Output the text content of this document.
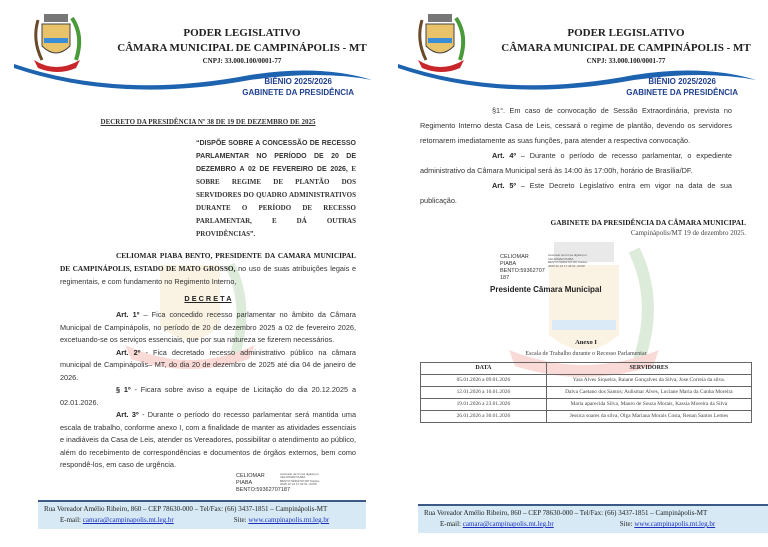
PODER LEGISLATIVO
CÂMARA MUNICIPAL DE CAMPINÁPOLIS - MT
CNPJ: 33.000.100/0001-77
BIÊNIO 2025/2026
GABINETE DA PRESIDÊNCIA
DECRETO DA PRESIDÊNCIA Nº 38 DE 19 DE DEZEMBRO DE 2025
“DISPÕE SOBRE A CONCESSÃO DE RECESSO PARLAMENTAR NO PERÍODO DE 20 DE DEZEMBRO A 02 DE FEVEREIRO DE 2026, E SOBRE REGIME DE PLANTÃO DOS SERVIDORES DO QUADRO ADMINISTRATIVOS DURANTE O PERÍODO DE RECESSO PARLAMENTAR, E DÁ OUTRAS PROVIDÊNCIAS”.
CELIOMAR PIABA BENTO, PRESIDENTE DA CAMARA MUNICIPAL DE CAMPINÁPOLIS, ESTADO DE MATO GROSSO, no uso de suas atribuições legais e regimentais, e com fundamento no Regimento Interno,
D E C R E T A
Art. 1º – Fica concedido recesso parlamentar no âmbito da Câmara Municipal de Campinápolis, no período de 20 de dezembro 2025 a 02 de fevereiro 2026, excetuando-se os serviços essenciais, que por sua natureza se fizerem necessários.
Art. 2º - Fica decretado recesso administrativo público na câmara municipal de Campinápolis– MT, do dia 20 de dezembro de 2025 até dia 04 de janeiro de 2026.
§ 1º - Ficara sobre aviso a equipe de Licitação do dia 20.12.2025 a 02.01.2026.
Art. 3º - Durante o período do recesso parlamentar será mantida uma escala de trabalho, conforme anexo I, com a finalidade de manter as atividades essenciais e inadiáveis da Casa de Leis, atender os Vereadores, possibilitar o atendimento ao público, além do recebimento de correspondências e documentos de órgãos externos, bem como respondê-los, em caso de urgência.
CELIOMAR PIABA BENTO:59362707187
Assinado de forma digital por CELIOMAR PIABA BENTO:59362707187 Dados: 2025.12.19 17:42:51 -03'00'
Rua Vereador Amélio Ribeiro, 860 – CEP 78630-000 – Tel/Fax: (66) 3437-1851 – Campinápolis-MT
E-mail: camara@campinapolis.mt.leg.br	Site: www.campinapolis.mt.leg.br
PODER LEGISLATIVO
CÂMARA MUNICIPAL DE CAMPINÁPOLIS - MT
CNPJ: 33.000.100/0001-77
BIÊNIO 2025/2026
GABINETE DA PRESIDÊNCIA
§1°. Em caso de convocação de Sessão Extraordinária, prevista no Regimento Interno desta Casa de Leis, cessará o regime de plantão, devendo os servidores retornarem imediatamente as suas funções, para atender a respectiva convocação.
Art. 4º – Durante o período de recesso parlamentar, o expediente administrativo da Câmara Municipal será às 14:00 às 17:00h, horário de Brasília/DF.
Art. 5º – Este Decreto Legislativo entra em vigor na data de sua publicação.
GABINETE DA PRESIDÊNCIA DA CÂMARA MUNICIPAL
Campinápolis/MT 19 de dezembro 2025.
CELIOMAR PIABA BENTO:59362707 187
Assinado de forma digital por CELIOMAR PIABA BENTO:59362707187 Dados: 2025.12.19 17:42:51 -03'00'
Presidente Câmara Municipal
Anexo I
Escala de Trabalho durante o Recesso Parlamentar
DATA	SERVIDORES
05.01.2026 a 09.01.2026	Yara Alves Siqueira, Raiane Gonçalves da Silva, Jose Correia da silva.
12.01.2026 a 16.01.2026	Dalva Caetano dos Santos; Aulismar Alves, Luciane Maria da Cunha Moreira
19.01.2026 a 23.01.2026	Maria aparecida Silva, Mauro de Souza Morais, Kassia Moreira da Silva
26.01.2026 a 30.01.2026	Jessica soares da silva, Olga Mariana Morais Costa, Renan Santos Lemes
Rua Vereador Amélio Ribeiro, 860 – CEP 78630-000 – Tel/Fax: (66) 3437-1851 – Campinápolis-MT
E-mail: camara@campinapolis.mt.leg.br	Site: www.campinapolis.mt.leg.br
